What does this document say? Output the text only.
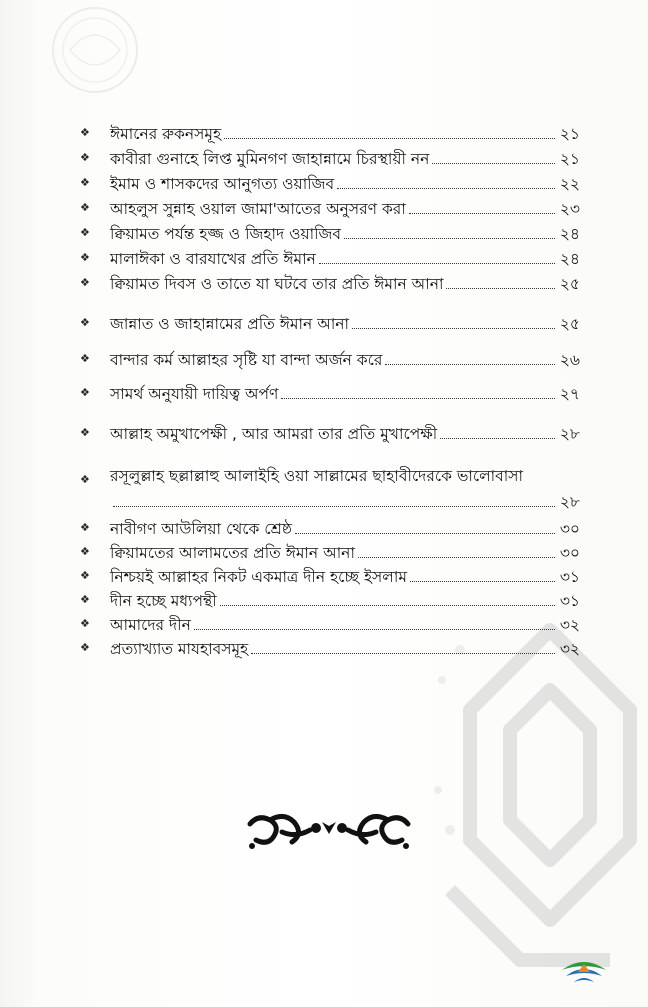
❖ ঈমানের রুকনসমূহ	২১
❖ কাবীরা গুনাহে লিপ্ত মুমিনগণ জাহান্নামে চিরস্থায়ী নন	২১
❖ ইমাম ও শাসকদের আনুগত্য ওয়াজিব	২২
❖ আহলুস সুন্নাহ ওয়াল জামা'আতের অনুসরণ করা	২৩
❖ ক্বিয়ামত পর্যন্ত হজ্জ ও জিহাদ ওয়াজিব	২৪
❖ মালাঈকা ও বারযাখের প্রতি ঈমান	২৪
❖ ক্বিয়ামত দিবস ও তাতে যা ঘটবে তার প্রতি ঈমান আনা	২৫
❖ জান্নাত ও জাহান্নামের প্রতি ঈমান আনা	২৫
❖ বান্দার কর্ম আল্লাহর সৃষ্টি যা বান্দা অর্জন করে	২৬
❖ সামর্থ অনুযায়ী দায়িত্ব অর্পণ	২৭
❖ আল্লাহ অমুখাপেক্ষী , আর আমরা তার প্রতি মুখাপেক্ষী	২৮
❖ রসূলুল্লাহ ছল্লাল্লাহু আলাইহি ওয়া সাল্লামের ছাহাবীদেরকে ভালোবাসা
২৮
❖ নাবীগণ আউলিয়া থেকে শ্রেষ্ঠ	৩০
❖ ক্বিয়ামতের আলামতের প্রতি ঈমান আনা	৩০
❖ নিশ্চয়ই আল্লাহর নিকট একমাত্র দীন হচ্ছে ইসলাম	৩১
❖ দীন হচ্ছে মধ্যপন্থী	৩১
❖ আমাদের দীন	৩২
❖ প্রত্যাখ্যাত মাযহাবসমূহ	৩২
